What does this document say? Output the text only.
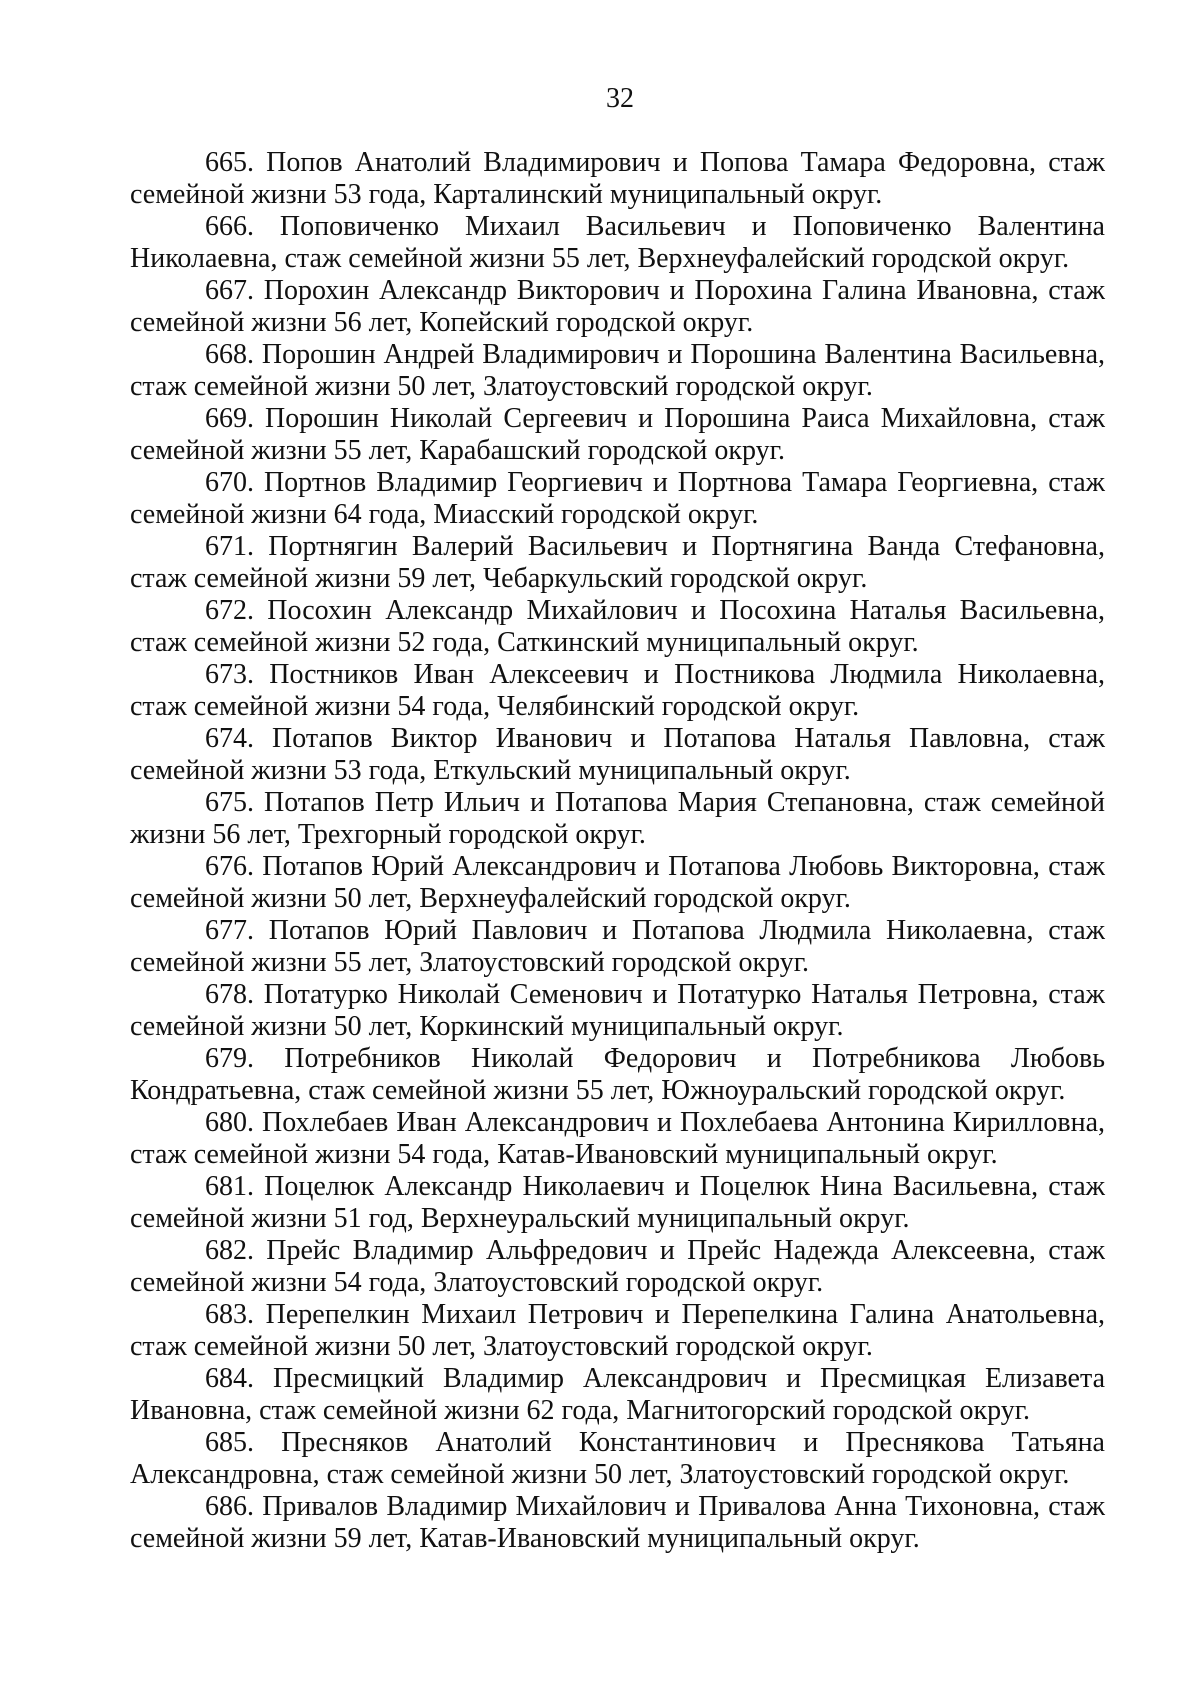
32

665. Попов Анатолий Владимирович и Попова Тамара Федоровна, стаж семейной жизни 53 года, Карталинский муниципальный округ.

666. Поповиченко Михаил Васильевич и Поповиченко Валентина Николаевна, стаж семейной жизни 55 лет, Верхнеуфалейский городской округ.

667. Порохин Александр Викторович и Порохина Галина Ивановна, стаж семейной жизни 56 лет, Копейский городской округ.

668. Порошин Андрей Владимирович и Порошина Валентина Васильевна, стаж семейной жизни 50 лет, Златоустовский городской округ.

669. Порошин Николай Сергеевич и Порошина Раиса Михайловна, стаж семейной жизни 55 лет, Карабашский городской округ.

670. Портнов Владимир Георгиевич и Портнова Тамара Георгиевна, стаж семейной жизни 64 года, Миасский городской округ.

671. Портнягин Валерий Васильевич и Портнягина Ванда Стефановна, стаж семейной жизни 59 лет, Чебаркульский городской округ.

672. Посохин Александр Михайлович и Посохина Наталья Васильевна, стаж семейной жизни 52 года, Саткинский муниципальный округ.

673. Постников Иван Алексеевич и Постникова Людмила Николаевна, стаж семейной жизни 54 года, Челябинский городской округ.

674. Потапов Виктор Иванович и Потапова Наталья Павловна, стаж семейной жизни 53 года, Еткульский муниципальный округ.

675. Потапов Петр Ильич и Потапова Мария Степановна, стаж семейной жизни 56 лет, Трехгорный городской округ.

676. Потапов Юрий Александрович и Потапова Любовь Викторовна, стаж семейной жизни 50 лет, Верхнеуфалейский городской округ.

677. Потапов Юрий Павлович и Потапова Людмила Николаевна, стаж семейной жизни 55 лет, Златоустовский городской округ.

678. Потатурко Николай Семенович и Потатурко Наталья Петровна, стаж семейной жизни 50 лет, Коркинский муниципальный округ.

679. Потребников Николай Федорович и Потребникова Любовь Кондратьевна, стаж семейной жизни 55 лет, Южноуральский городской округ.

680. Похлебаев Иван Александрович и Похлебаева Антонина Кирилловна, стаж семейной жизни 54 года, Катав-Ивановский муниципальный округ.

681. Поцелюк Александр Николаевич и Поцелюк Нина Васильевна, стаж семейной жизни 51 год, Верхнеуральский муниципальный округ.

682. Прейс Владимир Альфредович и Прейс Надежда Алексеевна, стаж семейной жизни 54 года, Златоустовский городской округ.

683. Перепелкин Михаил Петрович и Перепелкина Галина Анатольевна, стаж семейной жизни 50 лет, Златоустовский городской округ.

684. Пресмицкий Владимир Александрович и Пресмицкая Елизавета Ивановна, стаж семейной жизни 62 года, Магнитогорский городской округ.

685. Пресняков Анатолий Константинович и Преснякова Татьяна Александровна, стаж семейной жизни 50 лет, Златоустовский городской округ.

686. Привалов Владимир Михайлович и Привалова Анна Тихоновна, стаж семейной жизни 59 лет, Катав-Ивановский муниципальный округ.
